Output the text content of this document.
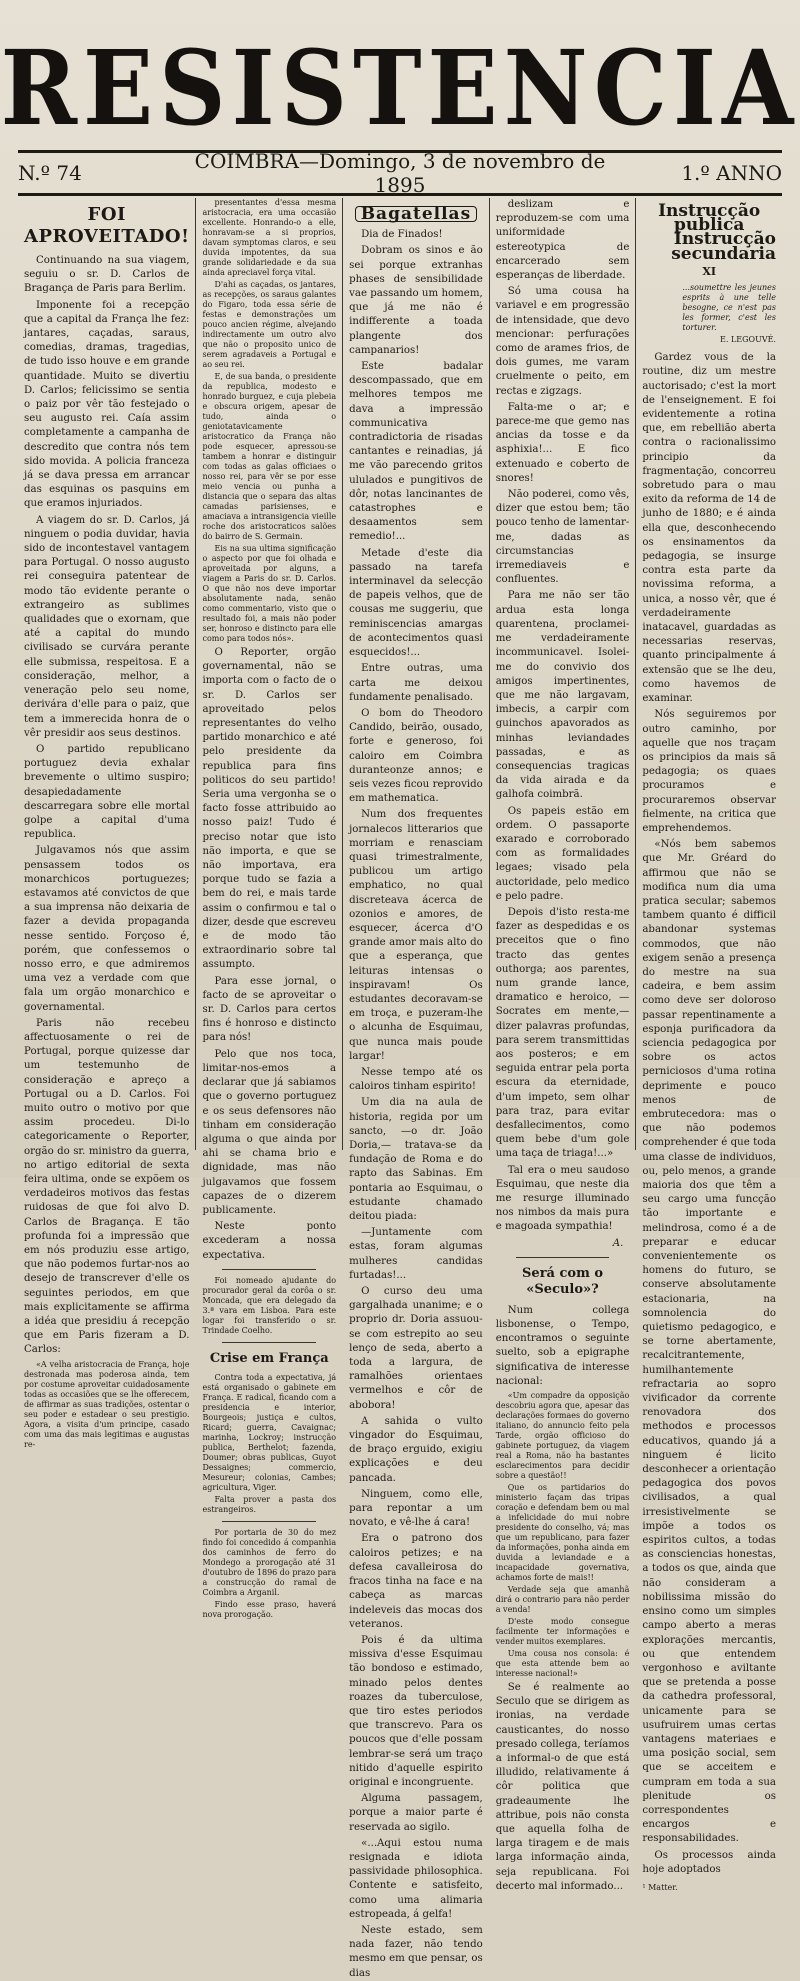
RESISTENCIA
N.º 74	COIMBRA—Domingo, 3 de novembro de 1895	1.º ANNO
FOI APROVEITADO!

Continuando na sua viagem, seguiu o sr. D. Carlos de Bragança de Paris para Berlim.

Imponente foi a recepção que a capital da França lhe fez: jantares, caçadas, saraus, comedias, dramas, tragedias, de tudo isso houve e em grande quantidade. Muito se divertiu D. Carlos; felicissimo se sentia o paiz por vêr tão festejado o seu augusto rei. Caía assim completamente a campanha de descredito que contra nós tem sido movida. A policia franceza já se dava pressa em arrancar das esquinas os pasquins em que eramos injuriados.

A viagem do sr. D. Carlos, já ninguem o podia duvidar, havia sido de incontestavel vantagem para Portugal. O nosso augusto rei conseguira patentear de modo tão evidente perante o extrangeiro as sublimes qualidades que o exornam, que até a capital do mundo civilisado se curvára perante elle submissa, respeitosa. E a consideração, melhor, a veneração pelo seu nome, derivára d'elle para o paiz, que tem a immerecida honra de o vêr presidir aos seus destinos.

O partido republicano portuguez devia exhalar brevemente o ultimo suspiro; desapiedadamente descarregara sobre elle mortal golpe a capital d'uma republica.

Julgavamos nós que assim pensassem todos os monarchicos portuguezes; estavamos até convictos de que a sua imprensa não deixaria de fazer a devida propaganda nesse sentido. Forçoso é, porém, que confessemos o nosso erro, e que admiremos uma vez a verdade com que fala um orgão monarchico e governamental.

Paris não recebeu affectuosamente o rei de Portugal, porque quizesse dar um testemunho de consideração e apreço a Portugal ou a D. Carlos. Foi muito outro o motivo por que assim procedeu. Di-lo categoricamente o Reporter, orgão do sr. ministro da guerra, no artigo editorial de sexta feira ultima, onde se expõem os verdadeiros motivos das festas ruidosas de que foi alvo D. Carlos de Bragança. E tão profunda foi a impressão que em nós produziu esse artigo, que não podemos furtar-nos ao desejo de transcrever d'elle os seguintes periodos, em que mais explicitamente se affirma a idéa que presidiu á recepção que em Paris fizeram a D. Carlos:

«A velha aristocracia de França, hoje destronada mas poderosa ainda, tem por costume aproveitar cuidadosamente todas as occasiões que se lhe offerecem, de affirmar as suas tradições, ostentar o seu poder e estadear o seu prestigio. Agora, a visita d'um principe, casado com uma das mais legitimas e augustas re-

presentantes d'essa mesma aristocracia, era uma occasião excellente. Honrando-o a elle, honravam-se a si proprios, davam symptomas claros, e seu duvida impotentes, da sua grande solidariedade e da sua ainda apreciavel força vital.

D'ahi as caçadas, os jantares, as recepções, os saraus galantes do Figaro, toda essa série de festas e demonstrações um pouco ancien régime, alvejando indirectamente um outro alvo que não o proposito unico de serem agradaveis a Portugal e ao seu rei.

E, de sua banda, o presidente da republica, modesto e honrado burguez, e cuja plebeia e obscura origem, apesar de tudo, ainda o geniotatavicamente aristocratico da França não pode esquecer, apressou-se tambem a honrar e distinguir com todas as galas officiaes o nosso rei, para vêr se por esse meio vencia ou punha a distancia que o separa das altas camadas parisienses, e amaciava a intransigencia vieille roche dos aristocraticos salões do bairro de S. Germain.

Eis na sua ultima significação o aspecto por que foi olhada e aproveitada por alguns, a viagem a Paris do sr. D. Carlos. O que não nos deve importar absolutamente nada, senão como commentario, visto que o resultado foi, a mais não poder ser, honroso e distincto para elle como para todos nós».

O Reporter, orgão governamental, não se importa com o facto de o sr. D. Carlos ser aproveitado pelos representantes do velho partido monarchico e até pelo presidente da republica para fins politicos do seu partido! Seria uma vergonha se o facto fosse attribuido ao nosso paiz! Tudo é preciso notar que isto não importa, e que se não importava, era porque tudo se fazia a bem do rei, e mais tarde assim o confirmou e tal o dizer, desde que escreveu e de modo tão extraordinario sobre tal assumpto.

Para esse jornal, o facto de se aproveitar o sr. D. Carlos para certos fins é honroso e distincto para nós!

Pelo que nos toca, limitar-nos-emos a declarar que já sabiamos que o governo portuguez e os seus defensores não tinham em consideração alguma o que ainda por ahi se chama brio e dignidade, mas não julgavamos que fossem capazes de o dizerem publicamente.

Neste ponto excederam a nossa expectativa.

Foi nomeado ajudante do procurador geral da corôa o sr. Moncada, que era delegado da 3.ª vara em Lisboa. Para este logar foi transferido o sr. Trindade Coelho.

Crise em França

Contra toda a expectativa, já está organisado o gabinete em França. E radical, ficando com a presidencia e interior, Bourgeois; justiça e cultos, Ricard; guerra, Cavaignac; marinha, Lockroy; instrucção publica, Berthelot; fazenda, Doumer; obras publicas, Guyot Dessaignes; commercio, Mesureur; colonias, Cambes; agricultura, Viger.

Falta prover a pasta dos estrangeiros.

Por portaria de 30 do mez findo foi concedido á companhia dos caminhos de ferro do Mondego a prorogação até 31 d'outubro de 1896 do prazo para a construcção do ramal de Coimbra a Arganil.

Findo esse praso, haverá nova prorogação.

Bagatellas

Dia de Finados!

Dobram os sinos e ão sei porque extranhas phases de sensibilidade vae passando um homem, que já me não é indifferente a toada plangente dos campanarios!

Este badalar descompassado, que em melhores tempos me dava a impressão communicativa contradictoria de risadas cantantes e reinadias, já me vão parecendo gritos ululados e pungitivos de dôr, notas lancinantes de catastrophes e desaamentos sem remedio!...

Metade d'este dia passado na tarefa interminavel da selecção de papeis velhos, que de cousas me suggeriu, que reminiscencias amargas de acontecimentos quasi esquecidos!...

Entre outras, uma carta me deixou fundamente penalisado.

O bom do Theodoro Candido, beirão, ousado, forte e generoso, foi caloiro em Coimbra duranteonze annos; e seis vezes ficou reprovido em mathematica.

Num dos frequentes jornalecos litterarios que morriam e renasciam quasi trimestralmente, publicou um artigo emphatico, no qual discreteava ácerca de ozonios e amores, de esquecer, ácerca d'O grande amor mais alto do que a esperança, que leituras intensas o inspiravam! Os estudantes decoravam-se em troça, e puzeram-lhe o alcunha de Esquimau, que nunca mais poude largar!

Nesse tempo até os caloiros tinham espirito!

Um dia na aula de historia, regida por um sancto, —o dr. João Doria,— tratava-se da fundação de Roma e do rapto das Sabinas. Em pontaria ao Esquimau, o estudante chamado deitou piada:

—Juntamente com estas, foram algumas mulheres candidas furtadas!...

O curso deu uma gargalhada unanime; e o proprio dr. Doria assuou-se com estrepito ao seu lenço de seda, aberto a toda a largura, de ramalhões orientaes vermelhos e côr de abobora!

A sahida o vulto vingador do Esquimau, de braço erguido, exigiu explicações e deu pancada.

Ninguem, como elle, para repontar a um novato, e vê-lhe á cara!

Era o patrono dos caloiros petizes; e na defesa cavalleirosa do fracos tinha na face e na cabeça as marcas indeleveis das mocas dos veteranos.

Pois é da ultima missiva d'esse Esquimau tão bondoso e estimado, minado pelos dentes roazes da tuberculose, que tiro estes periodos que transcrevo. Para os poucos que d'elle possam lembrar-se será um traço nitido d'aquelle espirito original e incongruente.

Alguma passagem, porque a maior parte é reservada ao sigilo.

«...Aqui estou numa resignada e idiota passividade philosophica. Contente e satisfeito, como uma alimaria estropeada, á gelfa!

Neste estado, sem nada fazer, não tendo mesmo em que pensar, os dias

deslizam e reproduzem-se com uma uniformidade estereotypica de encarcerado sem esperanças de liberdade.

Só uma cousa ha variavel e em progressão de intensidade, que devo mencionar: perfurações como de arames frios, de dois gumes, me varam cruelmente o peito, em rectas e zigzags.

Falta-me o ar; e parece-me que gemo nas ancias da tosse e da asphixia!... E fico extenuado e coberto de snores!

Não poderei, como vês, dizer que estou bem; tão pouco tenho de lamentar-me, dadas as circumstancias irremediaveis e confluentes.

Para me não ser tão ardua esta longa quarentena, proclamei-me verdadeiramente incommunicavel. Isolei-me do convivio dos amigos impertinentes, que me não largavam, imbecis, a carpir com guinchos apavorados as minhas leviandades passadas, e as consequencias tragicas da vida airada e da galhofa coimbrã.

Os papeis estão em ordem. O passaporte exarado e corroborado com as formalidades legaes; visado pela auctoridade, pelo medico e pelo padre.

Depois d'isto resta-me fazer as despedidas e os preceitos que o fino tracto das gentes outhorga; aos parentes, num grande lance, dramatico e heroico, — Socrates em mente,— dizer palavras profundas, para serem transmittidas aos posteros; e em seguida entrar pela porta escura da eternidade, d'um impeto, sem olhar para traz, para evitar desfallecimentos, como quem bebe d'um gole uma taça de triaga!...»

Tal era o meu saudoso Esquimau, que neste dia me resurge illuminado nos nimbos da mais pura e magoada sympathia!

A.
Será com o «Seculo»?

Num collega lisbonense, o Tempo, encontramos o seguinte suelto, sob a epigraphe significativa de interesse nacional:

«Um compadre da opposição descobriu agora que, apesar das declarações formaes do governo italiano, do annuncio feito pela Tarde, orgão officioso do gabinete portuguez, da viagem real a Roma, não ha bastantes esclarecimentos para decidir sobre a questão!!

Que os partidarios do ministerio façam das tripas coração e defendam bem ou mal a infelicidade do mui nobre presidente do conselho, vá; mas que um republicano, para fazer da informações, ponha ainda em duvida a leviandade e a incapacidade governativa, achamos forte de mais!!

Verdade seja que amanhã dirá o contrario para não perder a venda!

D'este modo consegue facilmente ter informações e vender muitos exemplares.

Uma cousa nos consola: é que esta attende bem ao interesse nacional!»

Se é realmente ao Seculo que se dirigem as ironias, na verdade causticantes, do nosso presado collega, teríamos a informal-o de que está illudido, relativamente á côr politica que gradeaumente lhe attribue, pois não consta que aquella folha de larga tiragem e de mais larga informação ainda, seja republicana. Foi decerto mal informado...

Instrucção publica
Instrucção secundaria
XI
...soumettre les jeunes esprits à une telle besogne, ce n'est pas les former, c'est les torturer.
E. LEGOUVÉ.

Gardez vous de la routine, diz um mestre auctorisado; c'est la mort de l'enseignement. E foi evidentemente a rotina que, em rebellião aberta contra o racionalissimo principio da fragmentação, concorreu sobretudo para o mau exito da reforma de 14 de junho de 1880; e é ainda ella que, desconhecendo os ensinamentos da pedagogia, se insurge contra esta parte da novissima reforma, a unica, a nosso vêr, que é verdadeiramente inatacavel, guardadas as necessarias reservas, quanto principalmente á extensão que se lhe deu, como havemos de examinar.

Nós seguiremos por outro caminho, por aquelle que nos traçam os principios da mais sã pedagogia; os quaes procuramos e procuraremos observar fielmente, na critica que emprehendemos.

«Nós bem sabemos que Mr. Gréard do affirmou que não se modifica num dia uma pratica secular; sabemos tambem quanto é difficil abandonar systemas commodos, que não exigem senão a presença do mestre na sua cadeira, e bem assim como deve ser doloroso passar repentinamente a esponja purificadora da sciencia pedagogica por sobre os actos perniciosos d'uma rotina deprimente e pouco menos de embrutecedora: mas o que não podemos comprehender é que toda uma classe de individuos, ou, pelo menos, a grande maioria dos que têm a seu cargo uma funcção tão importante e melindrosa, como é a de preparar e educar convenientemente os homens do futuro, se conserve absolutamente estacionaria, na somnolencia do quietismo pedagogico, e se torne abertamente, recalcitrantemente, humilhantemente refractaria ao sopro vivificador da corrente renovadora dos methodos e processos educativos, quando já a ninguem é licito desconhecer a orientação pedagogica dos povos civilisados, a qual irresistivelmente se impõe a todos os espiritos cultos, a todas as consciencias honestas, a todos os que, ainda que não consideram a nobilissima missão do ensino como um simples campo aberto a meras explorações mercantis, ou que entendem vergonhoso e aviltante que se pretenda a posse da cathedra professoral, unicamente para se usufruirem umas certas vantagens materiaes e uma posição social, sem que se acceitem e cumpram em toda a sua plenitude os correspondentes encargos e responsabilidades.

Os processos ainda hoje adoptados

¹ Matter.
